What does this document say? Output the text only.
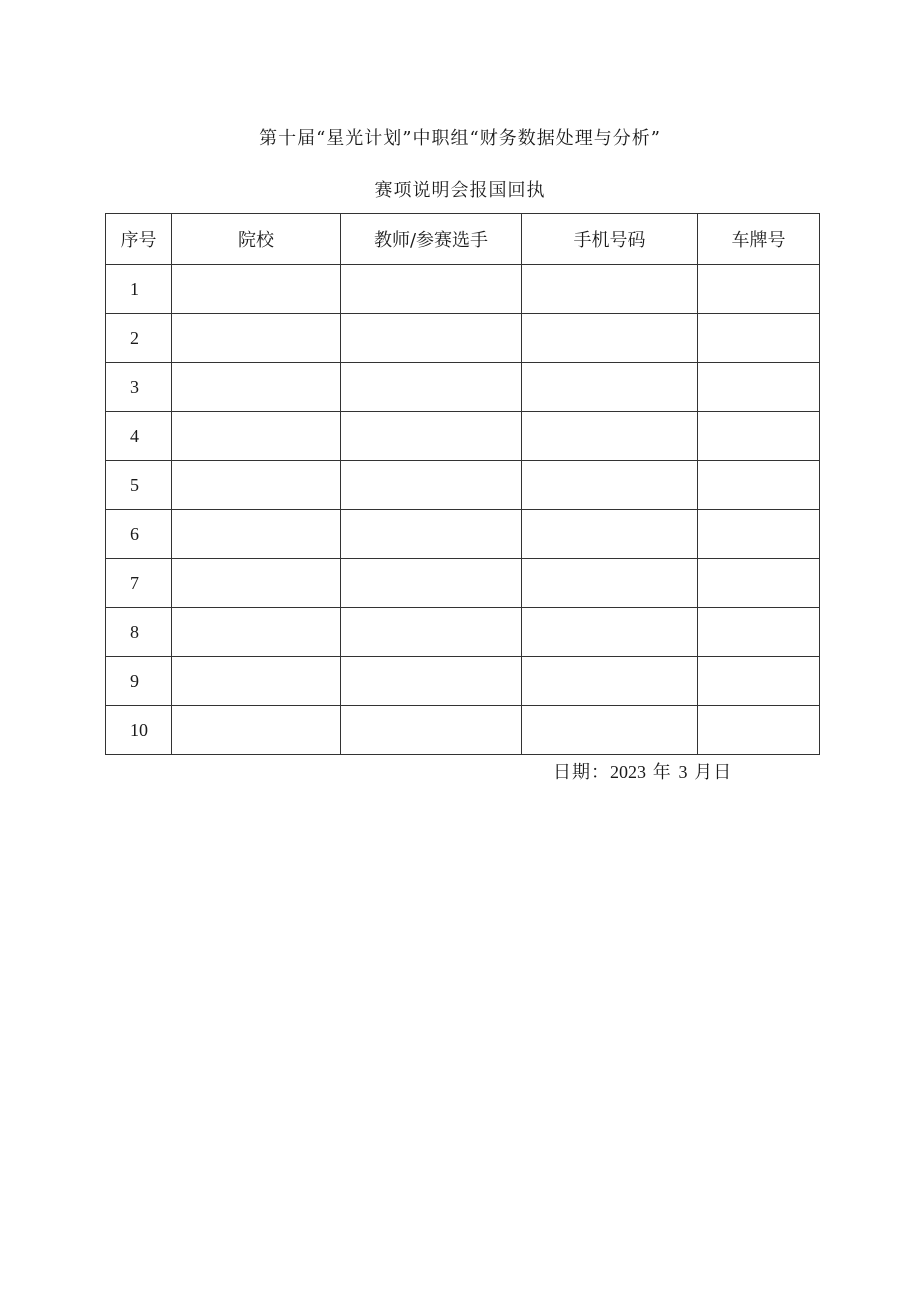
第十届“星光计划”中职组“财务数据处理与分析”
赛项说明会报国回执
序号	院校	教师/参赛选手	手机号码	车牌号
1				
2				
3				
4				
5				
6				
7				
8				
9				
10				
日期：2023 年 3 月日
